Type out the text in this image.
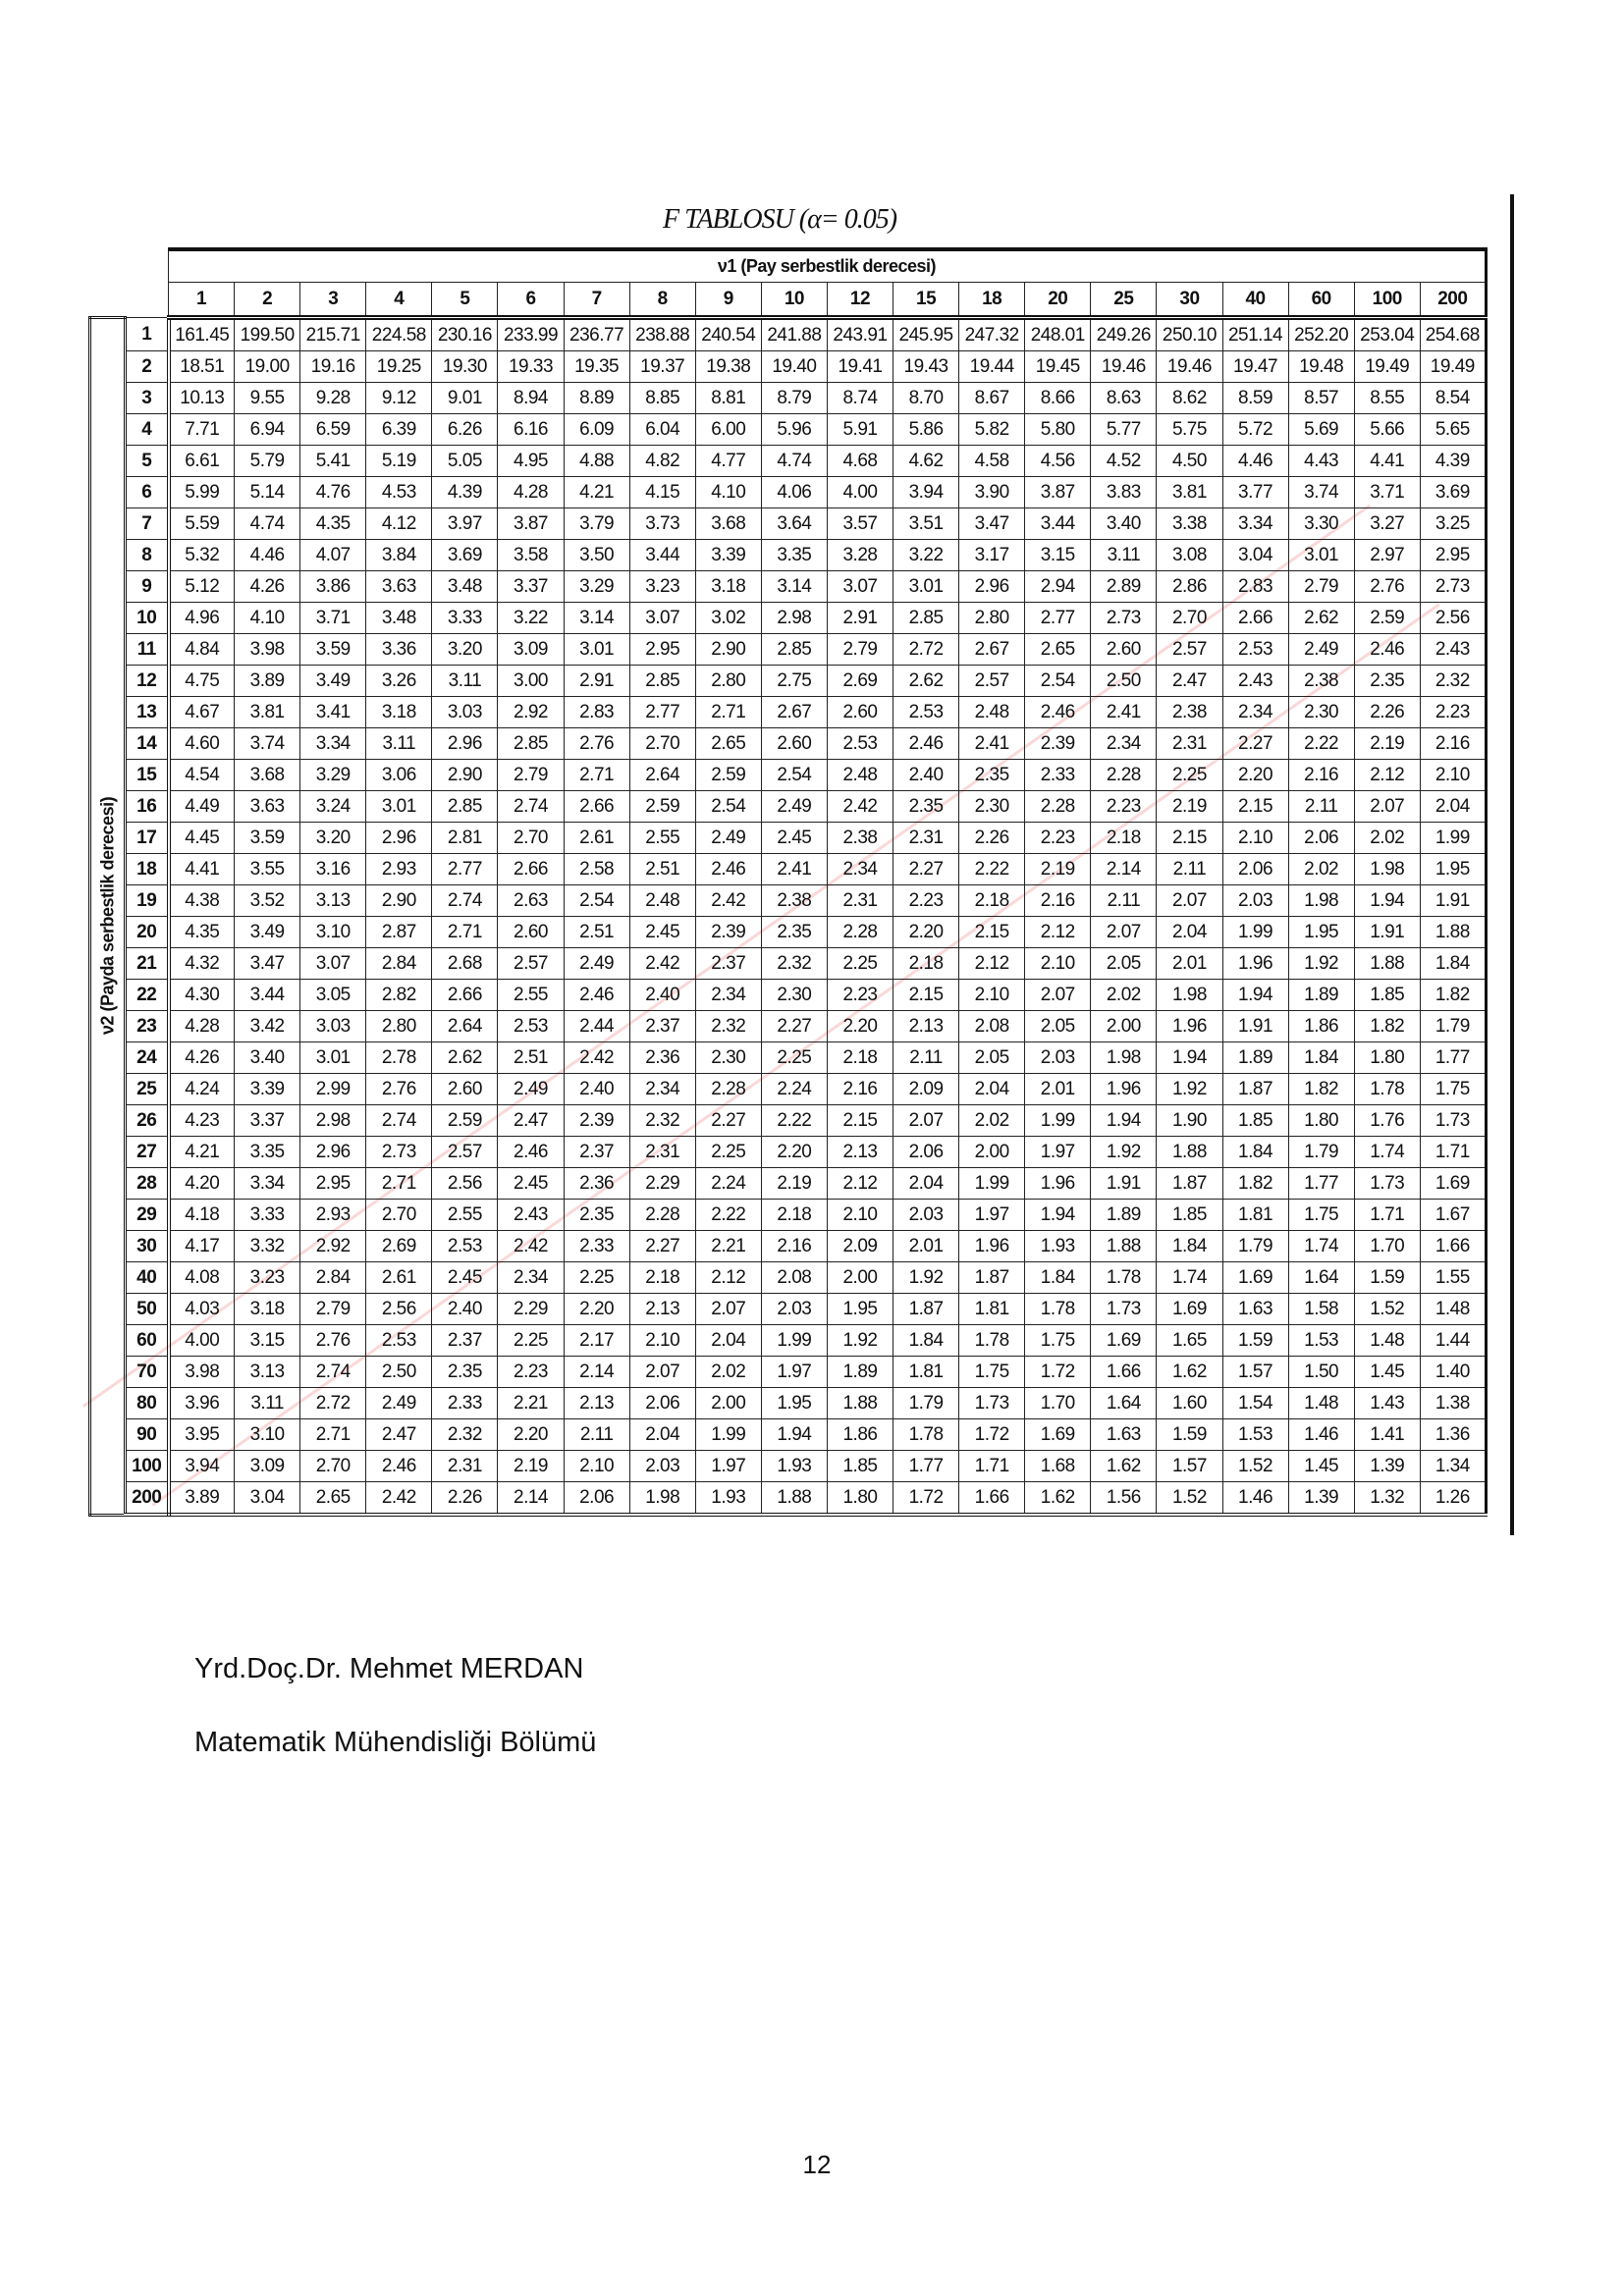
F TABLOSU (α= 0.05)
		ν1 (Pay serbestlik derecesi)																			
		1	2	3	4	5	6	7	8	9	10	12	15	18	20	25	30	40	60	100	200

ν2 (Payda serbestlik derecesi)	1	161.45	199.50	215.71	224.58	230.16	233.99	236.77	238.88	240.54	241.88	243.91	245.95	247.32	248.01	249.26	250.10	251.14	252.20	253.04	254.68
	2	18.51	19.00	19.16	19.25	19.30	19.33	19.35	19.37	19.38	19.40	19.41	19.43	19.44	19.45	19.46	19.46	19.47	19.48	19.49	19.49
	3	10.13	9.55	9.28	9.12	9.01	8.94	8.89	8.85	8.81	8.79	8.74	8.70	8.67	8.66	8.63	8.62	8.59	8.57	8.55	8.54
	4	7.71	6.94	6.59	6.39	6.26	6.16	6.09	6.04	6.00	5.96	5.91	5.86	5.82	5.80	5.77	5.75	5.72	5.69	5.66	5.65
	5	6.61	5.79	5.41	5.19	5.05	4.95	4.88	4.82	4.77	4.74	4.68	4.62	4.58	4.56	4.52	4.50	4.46	4.43	4.41	4.39
	6	5.99	5.14	4.76	4.53	4.39	4.28	4.21	4.15	4.10	4.06	4.00	3.94	3.90	3.87	3.83	3.81	3.77	3.74	3.71	3.69
	7	5.59	4.74	4.35	4.12	3.97	3.87	3.79	3.73	3.68	3.64	3.57	3.51	3.47	3.44	3.40	3.38	3.34	3.30	3.27	3.25
	8	5.32	4.46	4.07	3.84	3.69	3.58	3.50	3.44	3.39	3.35	3.28	3.22	3.17	3.15	3.11	3.08	3.04	3.01	2.97	2.95
	9	5.12	4.26	3.86	3.63	3.48	3.37	3.29	3.23	3.18	3.14	3.07	3.01	2.96	2.94	2.89	2.86	2.83	2.79	2.76	2.73
	10	4.96	4.10	3.71	3.48	3.33	3.22	3.14	3.07	3.02	2.98	2.91	2.85	2.80	2.77	2.73	2.70	2.66	2.62	2.59	2.56
	11	4.84	3.98	3.59	3.36	3.20	3.09	3.01	2.95	2.90	2.85	2.79	2.72	2.67	2.65	2.60	2.57	2.53	2.49	2.46	2.43
	12	4.75	3.89	3.49	3.26	3.11	3.00	2.91	2.85	2.80	2.75	2.69	2.62	2.57	2.54	2.50	2.47	2.43	2.38	2.35	2.32
	13	4.67	3.81	3.41	3.18	3.03	2.92	2.83	2.77	2.71	2.67	2.60	2.53	2.48	2.46	2.41	2.38	2.34	2.30	2.26	2.23
	14	4.60	3.74	3.34	3.11	2.96	2.85	2.76	2.70	2.65	2.60	2.53	2.46	2.41	2.39	2.34	2.31	2.27	2.22	2.19	2.16
	15	4.54	3.68	3.29	3.06	2.90	2.79	2.71	2.64	2.59	2.54	2.48	2.40	2.35	2.33	2.28	2.25	2.20	2.16	2.12	2.10
	16	4.49	3.63	3.24	3.01	2.85	2.74	2.66	2.59	2.54	2.49	2.42	2.35	2.30	2.28	2.23	2.19	2.15	2.11	2.07	2.04
	17	4.45	3.59	3.20	2.96	2.81	2.70	2.61	2.55	2.49	2.45	2.38	2.31	2.26	2.23	2.18	2.15	2.10	2.06	2.02	1.99
	18	4.41	3.55	3.16	2.93	2.77	2.66	2.58	2.51	2.46	2.41	2.34	2.27	2.22	2.19	2.14	2.11	2.06	2.02	1.98	1.95
	19	4.38	3.52	3.13	2.90	2.74	2.63	2.54	2.48	2.42	2.38	2.31	2.23	2.18	2.16	2.11	2.07	2.03	1.98	1.94	1.91
	20	4.35	3.49	3.10	2.87	2.71	2.60	2.51	2.45	2.39	2.35	2.28	2.20	2.15	2.12	2.07	2.04	1.99	1.95	1.91	1.88
	21	4.32	3.47	3.07	2.84	2.68	2.57	2.49	2.42	2.37	2.32	2.25	2.18	2.12	2.10	2.05	2.01	1.96	1.92	1.88	1.84
	22	4.30	3.44	3.05	2.82	2.66	2.55	2.46	2.40	2.34	2.30	2.23	2.15	2.10	2.07	2.02	1.98	1.94	1.89	1.85	1.82
	23	4.28	3.42	3.03	2.80	2.64	2.53	2.44	2.37	2.32	2.27	2.20	2.13	2.08	2.05	2.00	1.96	1.91	1.86	1.82	1.79
	24	4.26	3.40	3.01	2.78	2.62	2.51	2.42	2.36	2.30	2.25	2.18	2.11	2.05	2.03	1.98	1.94	1.89	1.84	1.80	1.77
	25	4.24	3.39	2.99	2.76	2.60	2.49	2.40	2.34	2.28	2.24	2.16	2.09	2.04	2.01	1.96	1.92	1.87	1.82	1.78	1.75
	26	4.23	3.37	2.98	2.74	2.59	2.47	2.39	2.32	2.27	2.22	2.15	2.07	2.02	1.99	1.94	1.90	1.85	1.80	1.76	1.73
	27	4.21	3.35	2.96	2.73	2.57	2.46	2.37	2.31	2.25	2.20	2.13	2.06	2.00	1.97	1.92	1.88	1.84	1.79	1.74	1.71
	28	4.20	3.34	2.95	2.71	2.56	2.45	2.36	2.29	2.24	2.19	2.12	2.04	1.99	1.96	1.91	1.87	1.82	1.77	1.73	1.69
	29	4.18	3.33	2.93	2.70	2.55	2.43	2.35	2.28	2.22	2.18	2.10	2.03	1.97	1.94	1.89	1.85	1.81	1.75	1.71	1.67
	30	4.17	3.32	2.92	2.69	2.53	2.42	2.33	2.27	2.21	2.16	2.09	2.01	1.96	1.93	1.88	1.84	1.79	1.74	1.70	1.66
	40	4.08	3.23	2.84	2.61	2.45	2.34	2.25	2.18	2.12	2.08	2.00	1.92	1.87	1.84	1.78	1.74	1.69	1.64	1.59	1.55
	50	4.03	3.18	2.79	2.56	2.40	2.29	2.20	2.13	2.07	2.03	1.95	1.87	1.81	1.78	1.73	1.69	1.63	1.58	1.52	1.48
	60	4.00	3.15	2.76	2.53	2.37	2.25	2.17	2.10	2.04	1.99	1.92	1.84	1.78	1.75	1.69	1.65	1.59	1.53	1.48	1.44
	70	3.98	3.13	2.74	2.50	2.35	2.23	2.14	2.07	2.02	1.97	1.89	1.81	1.75	1.72	1.66	1.62	1.57	1.50	1.45	1.40
	80	3.96	3.11	2.72	2.49	2.33	2.21	2.13	2.06	2.00	1.95	1.88	1.79	1.73	1.70	1.64	1.60	1.54	1.48	1.43	1.38
	90	3.95	3.10	2.71	2.47	2.32	2.20	2.11	2.04	1.99	1.94	1.86	1.78	1.72	1.69	1.63	1.59	1.53	1.46	1.41	1.36
	100	3.94	3.09	2.70	2.46	2.31	2.19	2.10	2.03	1.97	1.93	1.85	1.77	1.71	1.68	1.62	1.57	1.52	1.45	1.39	1.34
	200	3.89	3.04	2.65	2.42	2.26	2.14	2.06	1.98	1.93	1.88	1.80	1.72	1.66	1.62	1.56	1.52	1.46	1.39	1.32	1.26
Yrd.Doç.Dr. Mehmet MERDAN
Matematik Mühendisliği Bölümü
12
